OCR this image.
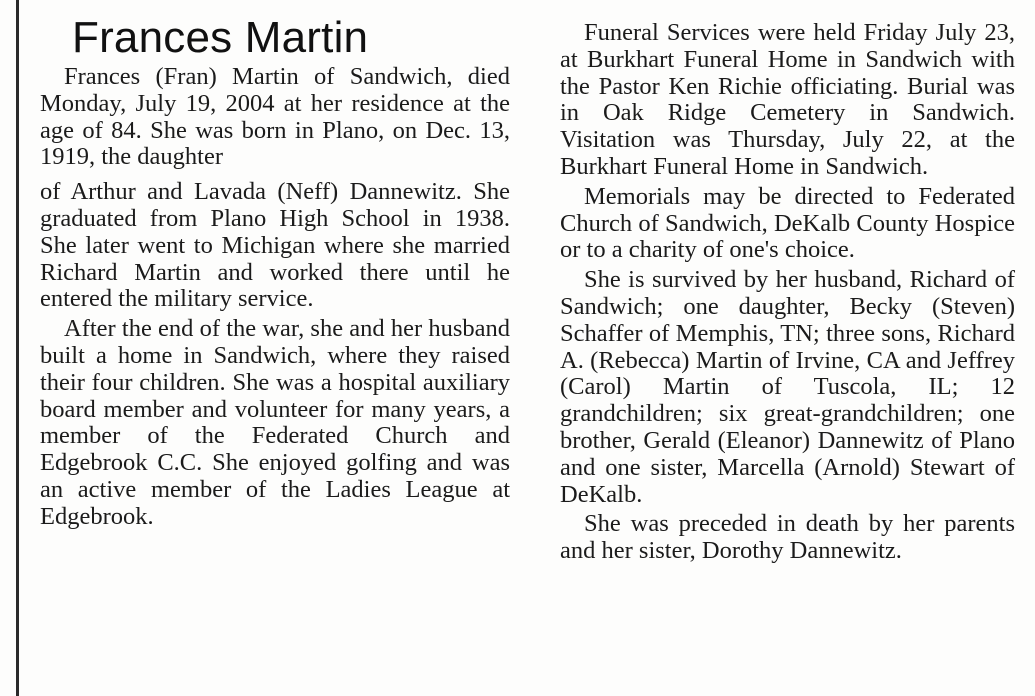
Frances Martin

Frances (Fran) Martin of Sandwich, died Monday, July 19, 2004 at her residence at the age of 84. She was born in Plano, on Dec. 13, 1919, the daughter

of Arthur and Lavada (Neff) Dannewitz. She graduated from Plano High School in 1938. She later went to Michigan where she married Richard Martin and worked there until he entered the military service.

After the end of the war, she and her husband built a home in Sandwich, where they raised their four children. She was a hospital auxiliary board member and volunteer for many years, a member of the Federated Church and Edgebrook C.C. She enjoyed golfing and was an active member of the Ladies League at Edgebrook.

Funeral Services were held Friday July 23, at Burkhart Funeral Home in Sandwich with the Pastor Ken Richie officiating. Burial was in Oak Ridge Cemetery in Sandwich. Visitation was Thursday, July 22, at the Burkhart Funeral Home in Sandwich.

Memorials may be directed to Federated Church of Sandwich, DeKalb County Hospice or to a charity of one's choice.

She is survived by her husband, Richard of Sandwich; one daughter, Becky (Steven) Schaffer of Memphis, TN; three sons, Richard A. (Rebecca) Martin of Irvine, CA and Jeffrey (Carol) Martin of Tuscola, IL; 12 grandchildren; six great-grandchildren; one brother, Gerald (Eleanor) Dannewitz of Plano and one sister, Marcella (Arnold) Stewart of DeKalb.

She was preceded in death by her parents and her sister, Dorothy Dannewitz.
